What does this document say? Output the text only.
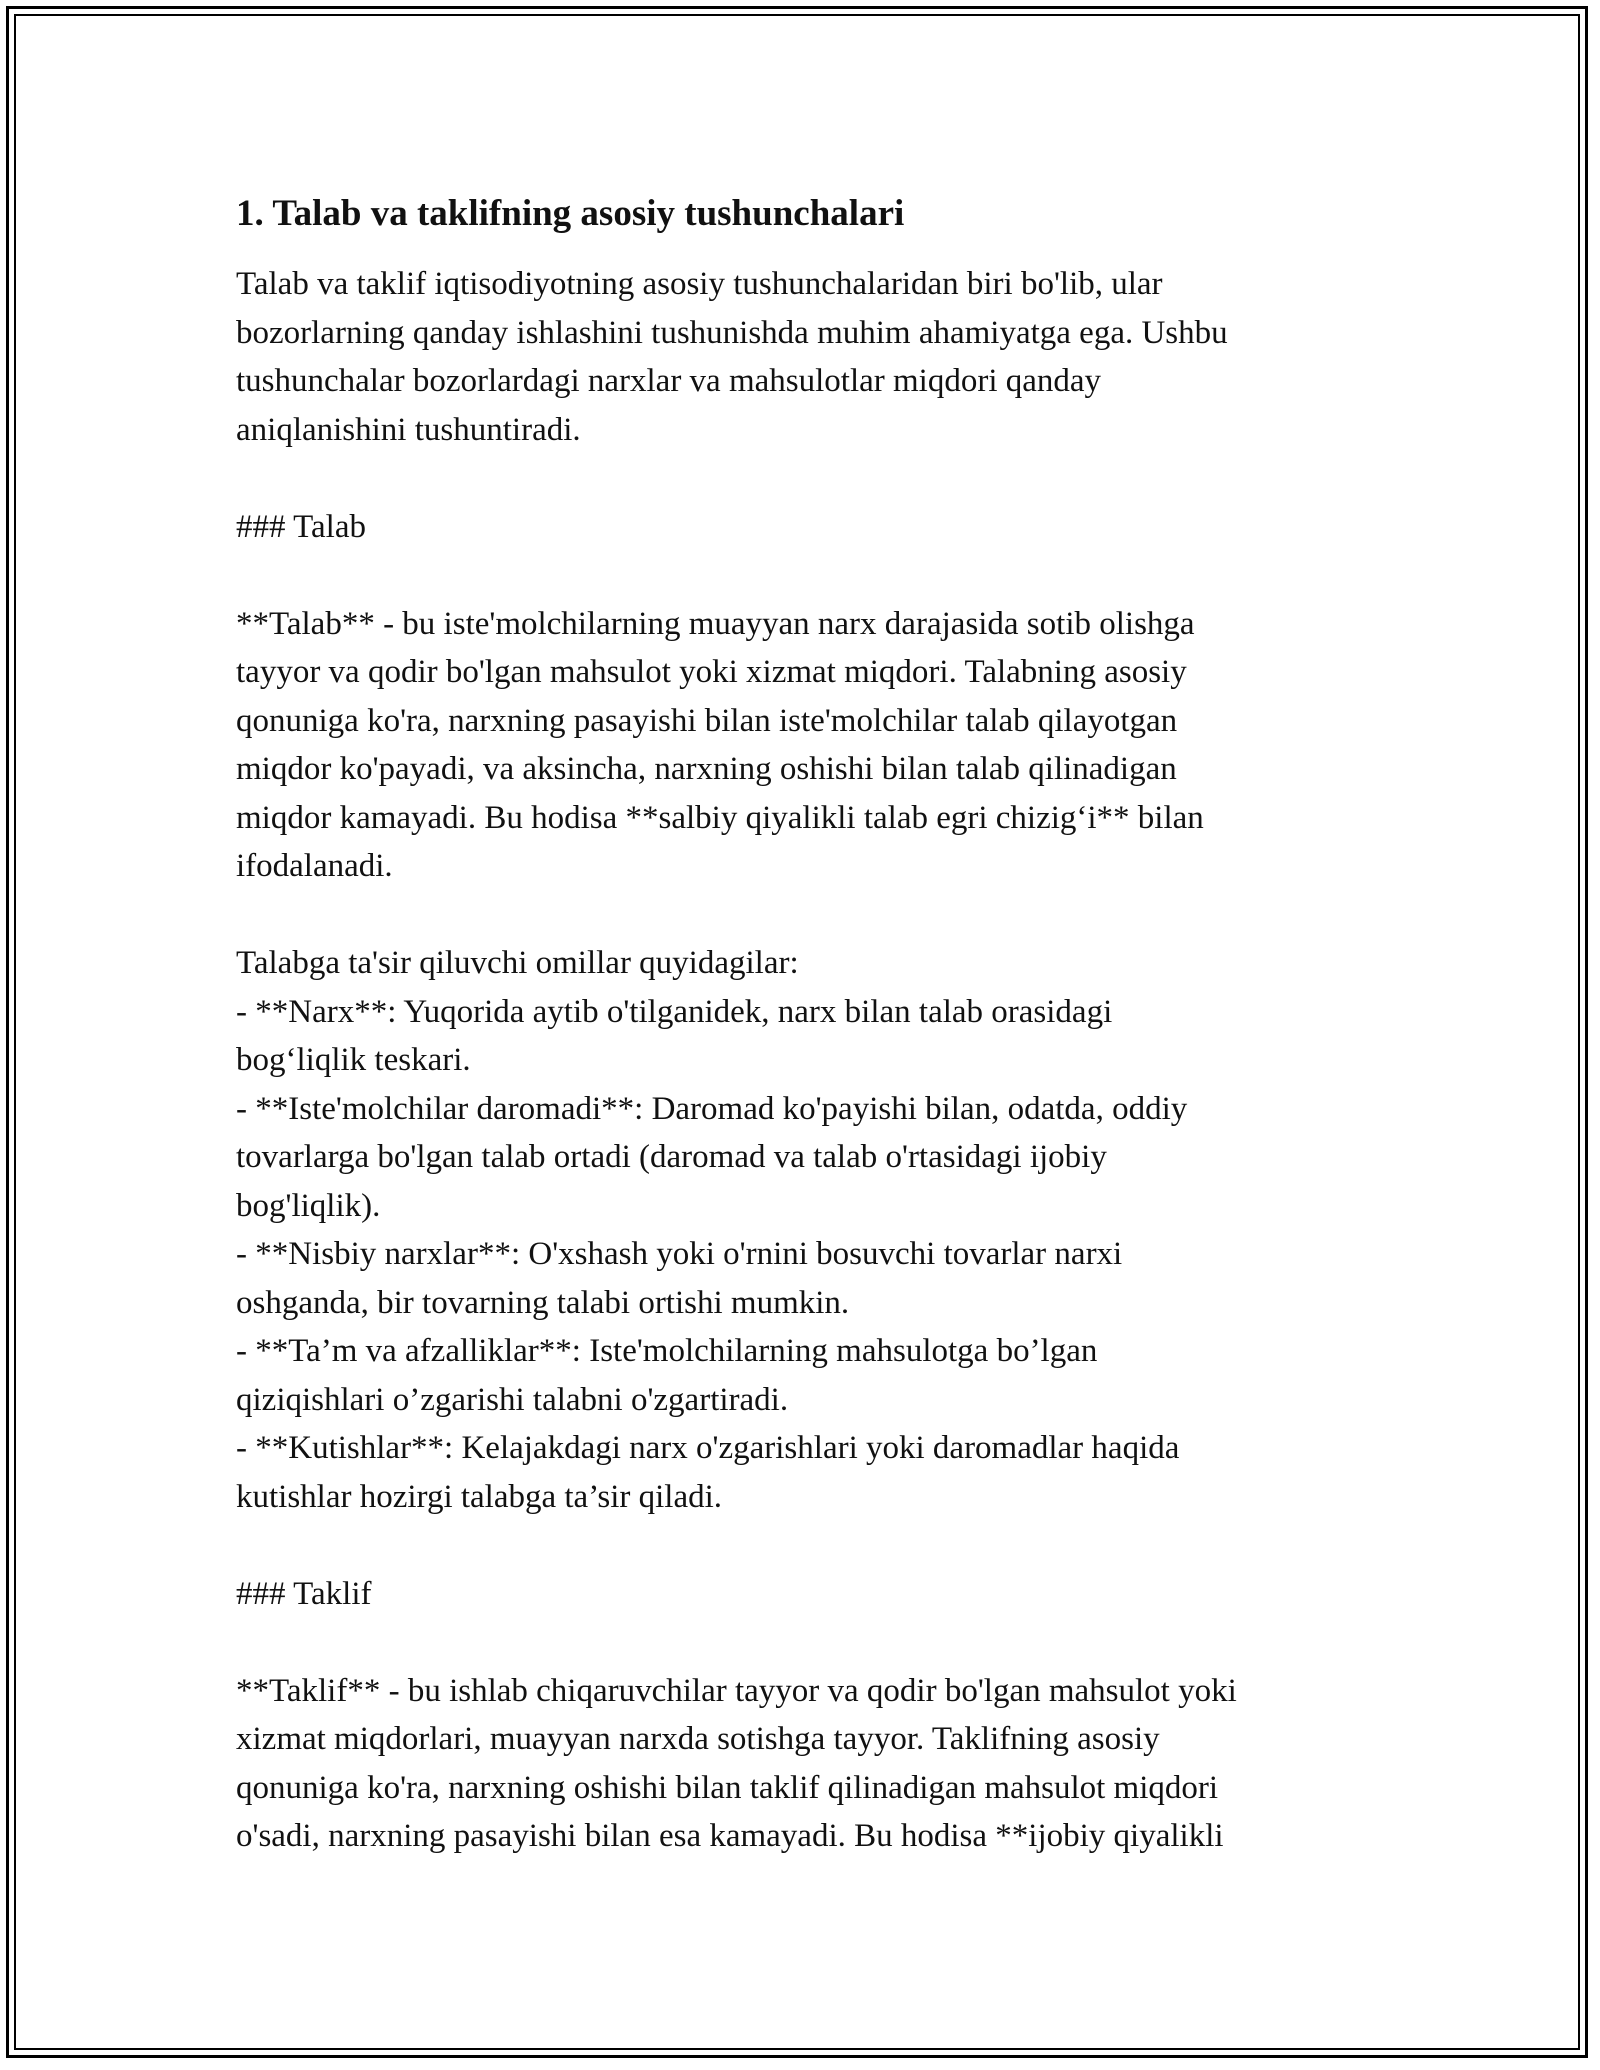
1. Talab va taklifning asosiy tushunchalari

Talab va taklif iqtisodiyotning asosiy tushunchalaridan biri bo'lib, ular
bozorlarning qanday ishlashini tushunishda muhim ahamiyatga ega. Ushbu
tushunchalar bozorlardagi narxlar va mahsulotlar miqdori qanday
aniqlanishini tushuntiradi.

### Talab

**Talab** - bu iste'molchilarning muayyan narx darajasida sotib olishga
tayyor va qodir bo'lgan mahsulot yoki xizmat miqdori. Talabning asosiy
qonuniga ko'ra, narxning pasayishi bilan iste'molchilar talab qilayotgan
miqdor ko'payadi, va aksincha, narxning oshishi bilan talab qilinadigan
miqdor kamayadi. Bu hodisa **salbiy qiyalikli talab egri chizig‘i** bilan
ifodalanadi.

Talabga ta'sir qiluvchi omillar quyidagilar:
- **Narx**: Yuqorida aytib o'tilganidek, narx bilan talab orasidagi
bog‘liqlik teskari.
- **Iste'molchilar daromadi**: Daromad ko'payishi bilan, odatda, oddiy
tovarlarga bo'lgan talab ortadi (daromad va talab o'rtasidagi ijobiy
bog'liqlik).
- **Nisbiy narxlar**: O'xshash yoki o'rnini bosuvchi tovarlar narxi
oshganda, bir tovarning talabi ortishi mumkin.
- **Ta’m va afzalliklar**: Iste'molchilarning mahsulotga bo’lgan
qiziqishlari o’zgarishi talabni o'zgartiradi.
- **Kutishlar**: Kelajakdagi narx o'zgarishlari yoki daromadlar haqida
kutishlar hozirgi talabga ta’sir qiladi.

### Taklif

**Taklif** - bu ishlab chiqaruvchilar tayyor va qodir bo'lgan mahsulot yoki
xizmat miqdorlari, muayyan narxda sotishga tayyor. Taklifning asosiy
qonuniga ko'ra, narxning oshishi bilan taklif qilinadigan mahsulot miqdori
o'sadi, narxning pasayishi bilan esa kamayadi. Bu hodisa **ijobiy qiyalikli
